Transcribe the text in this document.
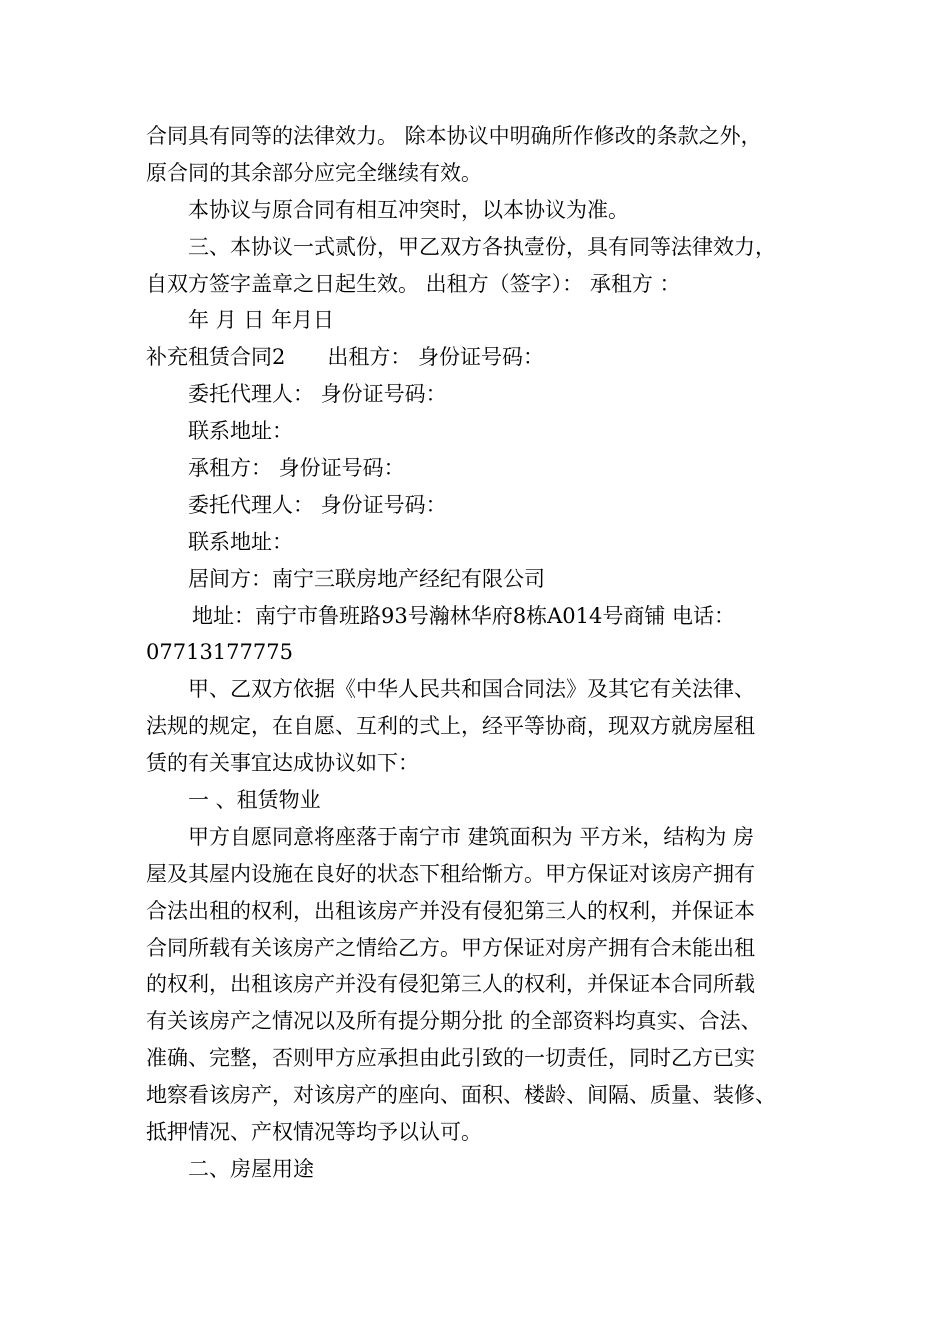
合同具有同等的法律效力。 除本协议中明确所作修改的条款之外，
原合同的其余部分应完全继续有效。
本协议与原合同有相互冲突时，以本协议为准。
三、本协议一式贰份，甲乙双方各执壹份，具有同等法律效力，
自双方签字盖章之日起生效。 出租方（签字）： 承租方 ：
年 月 日 年月日
补充租赁合同2 出租方： 身份证号码：
委托代理人： 身份证号码：
联系地址：
承租方： 身份证号码：
委托代理人： 身份证号码：
联系地址：
居间方：南宁三联房地产经纪有限公司
地址：南宁市鲁班路93号瀚林华府8栋A014号商铺 电话：
07713177775
甲、乙双方依据《中华人民共和国合同法》及其它有关法律、
法规的规定，在自愿、互利的弍上，经平等协商，现双方就房屋租
赁的有关事宜达成协议如下：
一 、租赁物业
甲方自愿同意将座落于南宁市 建筑面积为 平方米，结构为 房
屋及其屋内设施在良好的状态下租给惭方。甲方保证对该房产拥有
合法出租的权利，出租该房产并没有侵犯第三人的权利，并保证本
合同所载有关该房产之情给乙方。甲方保证对房产拥有合未能出租
的权利，出租该房产并没有侵犯第三人的权利，并保证本合同所载
有关该房产之情况以及所有提分期分批 的全部资料均真实、合法、
准确、完整，否则甲方应承担由此引致的一切责任，同时乙方已实
地察看该房产，对该房产的座向、面积、楼龄、间隔、质量、装修、
抵押情况、产权情况等均予以认可。
二、房屋用途
